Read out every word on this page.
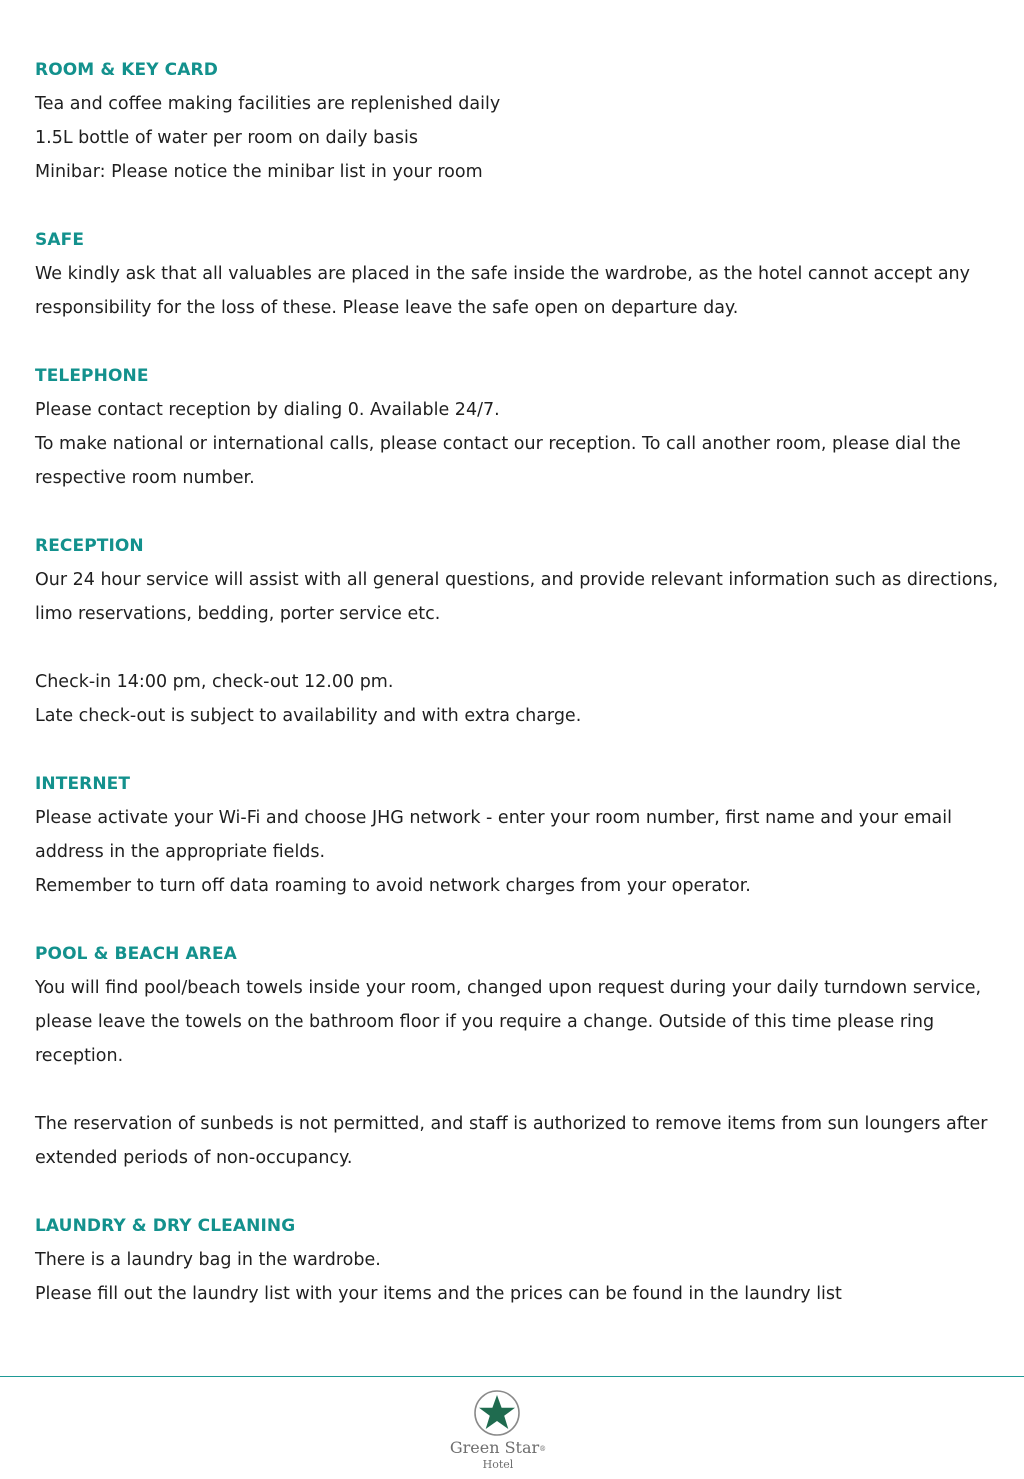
ROOM & KEY CARD
Tea and coffee making facilities are replenished daily
1.5L bottle of water per room on daily basis
Minibar: Please notice the minibar list in your room
SAFE
We kindly ask that all valuables are placed in the safe inside the wardrobe, as the hotel cannot accept any
responsibility for the loss of these. Please leave the safe open on departure day.
TELEPHONE
Please contact reception by dialing 0. Available 24/7.
To make national or international calls, please contact our reception. To call another room, please dial the
respective room number.
RECEPTION
Our 24 hour service will assist with all general questions, and provide relevant information such as directions,
limo reservations, bedding, porter service etc.
Check-in 14:00 pm, check-out 12.00 pm.
Late check-out is subject to availability and with extra charge.
INTERNET
Please activate your Wi-Fi and choose JHG network - enter your room number, first name and your email
address in the appropriate fields.
Remember to turn off data roaming to avoid network charges from your operator.
POOL & BEACH AREA
You will find pool/beach towels inside your room, changed upon request during your daily turndown service,
please leave the towels on the bathroom floor if you require a change. Outside of this time please ring
reception.
The reservation of sunbeds is not permitted, and staff is authorized to remove items from sun loungers after
extended periods of non-occupancy.
LAUNDRY & DRY CLEANING
There is a laundry bag in the wardrobe.
Please fill out the laundry list with your items and the prices can be found in the laundry list
Green Star®
Hotel
